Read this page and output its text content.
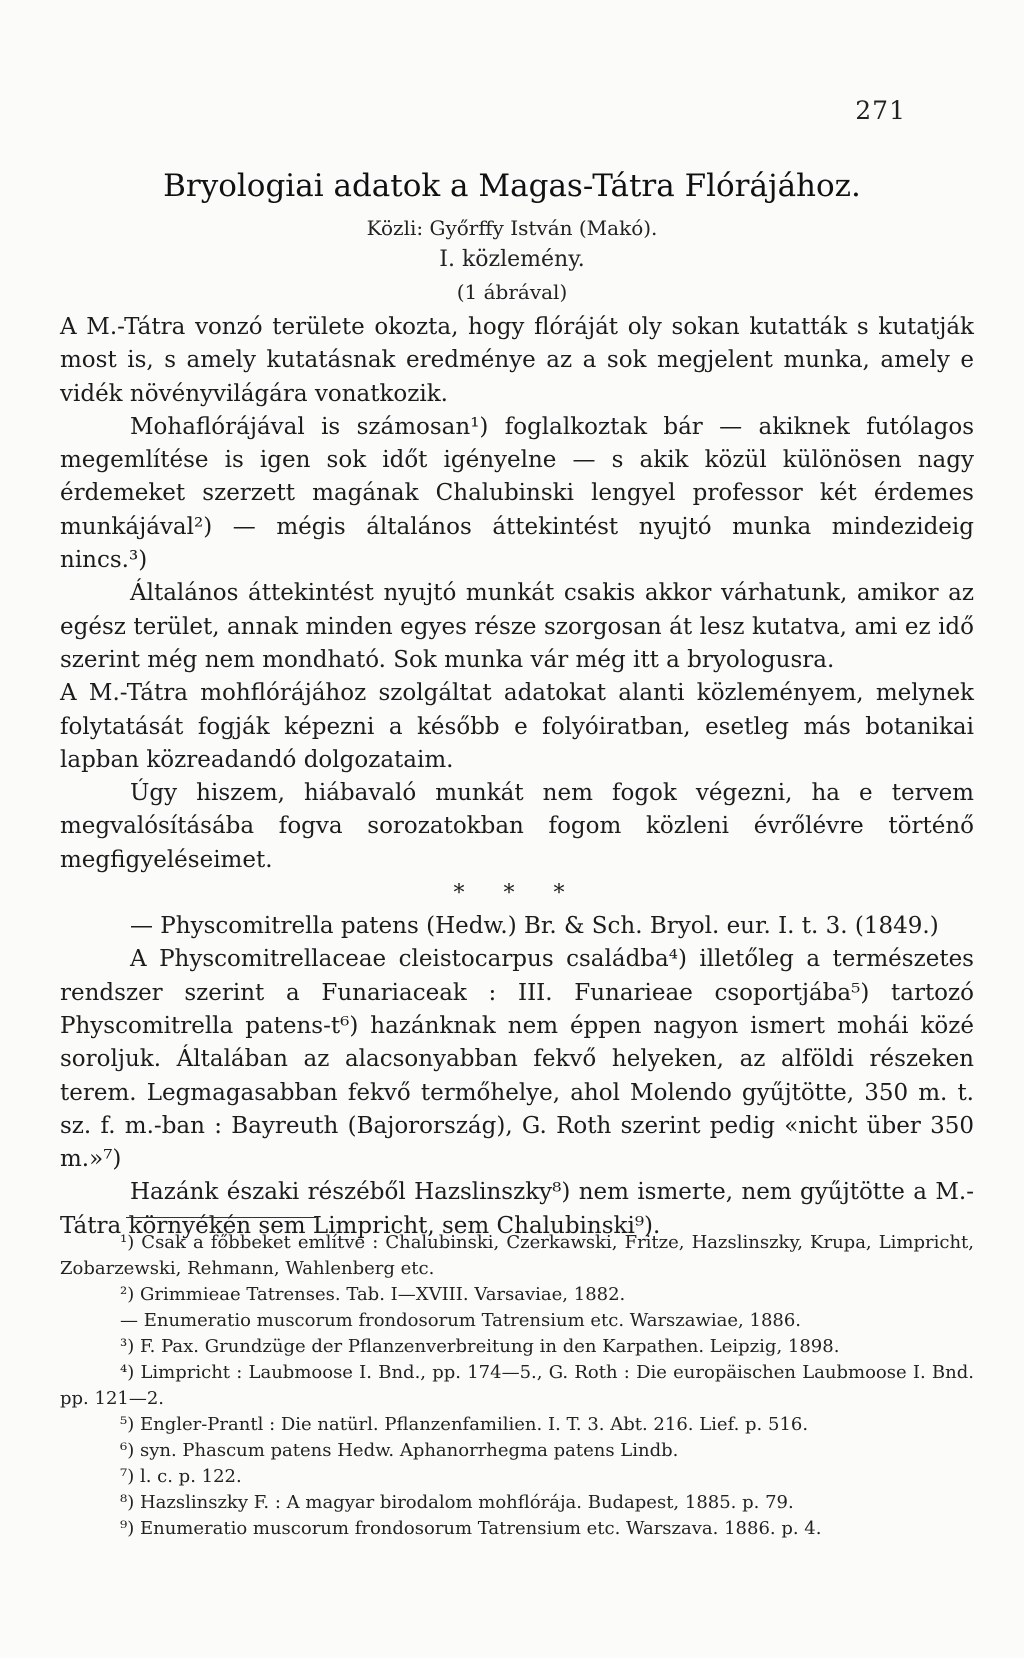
271
Bryologiai adatok a Magas-Tátra Flórájához.
Közli: Győrffy István (Makó).
I. közlemény.
(1 ábrával)

A M.-Tátra vonzó területe okozta, hogy flóráját oly sokan kutatták s kutatják most is, s amely kutatásnak eredménye az a sok megjelent munka, amely e vidék növényvilágára vonatkozik.

Mohaflórájával is számosan¹) foglalkoztak bár — akiknek futólagos megemlítése is igen sok időt igényelne — s akik közül különösen nagy érdemeket szerzett magának Chalubinski lengyel professor két érdemes munkájával²) — mégis általános áttekintést nyujtó munka mindezideig nincs.³)

Általános áttekintést nyujtó munkát csakis akkor várhatunk, amikor az egész terület, annak minden egyes része szorgosan át lesz kutatva, ami ez idő szerint még nem mondható. Sok munka vár még itt a bryologusra.

A M.-Tátra mohflórájához szolgáltat adatokat alanti közleményem, melynek folytatását fogják képezni a később e folyóiratban, esetleg más botanikai lapban közreadandó dolgozataim.

Úgy hiszem, hiábavaló munkát nem fogok végezni, ha e tervem megvalósításába fogva sorozatokban fogom közleni évrőlévre történő megfigyeléseimet.

* * *

— Physcomitrella patens (Hedw.) Br. & Sch. Bryol. eur. I. t. 3. (1849.)

A Physcomitrellaceae cleistocarpus családba⁴) illetőleg a természetes rendszer szerint a Funariaceak : III. Funarieae csoportjába⁵) tartozó Physcomitrella patens-t⁶) hazánknak nem éppen nagyon ismert mohái közé soroljuk. Általában az alacsonyabban fekvő helyeken, az alföldi részeken terem. Legmagasabban fekvő termőhelye, ahol Molendo gyűjtötte, 350 m. t. sz. f. m.-ban : Bayreuth (Bajorország), G. Roth szerint pedig «nicht über 350 m.»⁷)

Hazánk északi részéből Hazslinszky⁸) nem ismerte, nem gyűjtötte a M.-Tátra környékén sem Limpricht, sem Chalubinski⁹).

¹) Csak a főbbeket említve : Chalubinski, Czerkawski, Fritze, Hazslinszky, Krupa, Limpricht, Zobarzewski, Rehmann, Wahlenberg etc.

²) Grimmieae Tatrenses. Tab. I—XVIII. Varsaviae, 1882.

— Enumeratio muscorum frondosorum Tatrensium etc. Warszawiae, 1886.

³) F. Pax. Grundzüge der Pflanzenverbreitung in den Karpathen. Leipzig, 1898.

⁴) Limpricht : Laubmoose I. Bnd., pp. 174—5., G. Roth : Die europäischen Laubmoose I. Bnd. pp. 121—2.

⁵) Engler-Prantl : Die natürl. Pflanzenfamilien. I. T. 3. Abt. 216. Lief. p. 516.

⁶) syn. Phascum patens Hedw. Aphanorrhegma patens Lindb.

⁷) l. c. p. 122.

⁸) Hazslinszky F. : A magyar birodalom mohflórája. Budapest, 1885. p. 79.

⁹) Enumeratio muscorum frondosorum Tatrensium etc. Warszava. 1886. p. 4.
